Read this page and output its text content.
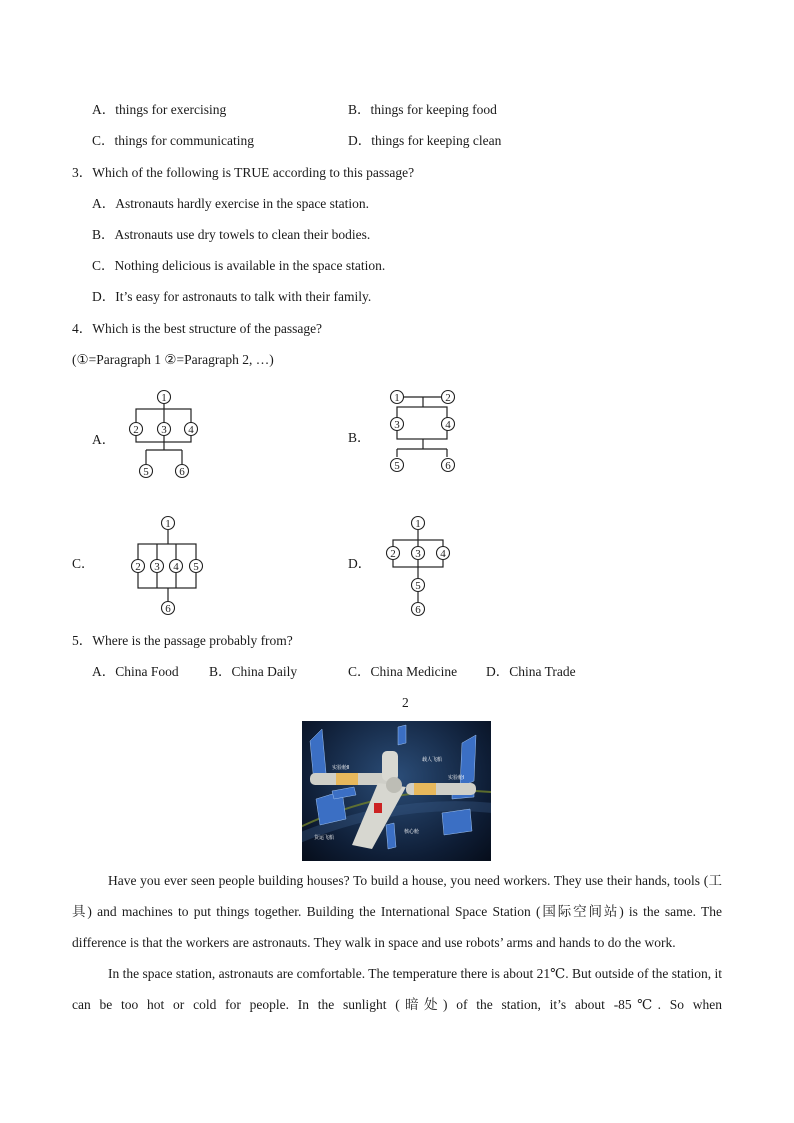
A．things for exercising	B．things for keeping food
C．things for communicating	D．things for keeping clean
3．Which of the following is TRUE according to this passage?
A．Astronauts hardly exercise in the space station.
B．Astronauts use dry towels to clean their bodies.
C．Nothing delicious is available in the space station.
D．It’s easy for astronauts to talk with their family.
4．Which is the best structure of the passage?
(①=Paragraph 1 ②=Paragraph 2, …)
A．
1
2 3 4
5	6
B．
1	2
3	4
5	6
C．
1
2 3 4 5
6
D．
1
2 3 4
5
6
5．Where is the passage probably from?
A．China Food B．China Daily	C．China Medicine D．China Trade
2
实验舱Ⅱ
载人飞船
实验舱Ⅰ
核心舱
货运飞船
Have you ever seen people building houses? To build a house, you need workers. They use their hands, tools (工具) and machines to put things together. Building the International Space Station (国际空间站) is the same. The difference is that the workers are astronauts. They walk in space and use robots’ arms and hands to do the work.
In the space station, astronauts are comfortable. The temperature there is about 21℃. But outside of the station, it can be too hot or cold for people. In the sunlight (暗处) of the station, it’s about -85℃. So when
